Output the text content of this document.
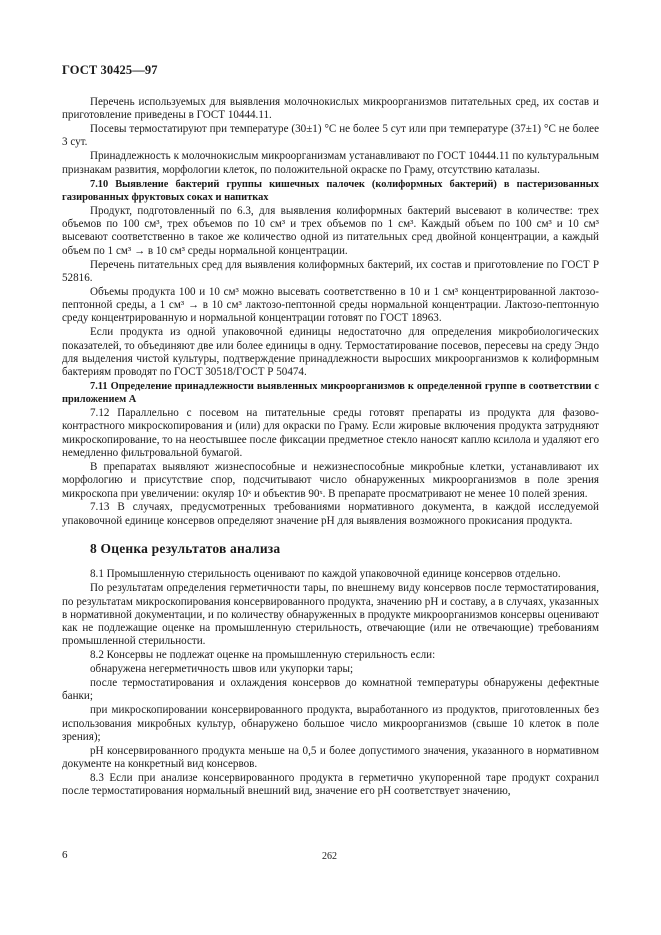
ГОСТ 30425—97

Перечень используемых для выявления молочнокислых микроорганизмов питательных сред, их состав и приготовление приведены в ГОСТ 10444.11.

Посевы термостатируют при температуре (30±1) °С не более 5 сут или при температуре (37±1) °С не более 3 сут.

Принадлежность к молочнокислым микроорганизмам устанавливают по ГОСТ 10444.11 по культуральным признакам развития, морфологии клеток, по положительной окраске по Граму, отсутствию каталазы.

7.10 Выявление бактерий группы кишечных палочек (колиформных бактерий) в пастеризованных газированных фруктовых соках и напитках

Продукт, подготовленный по 6.3, для выявления колиформных бактерий высевают в количестве: трех объемов по 100 см³, трех объемов по 10 см³ и трех объемов по 1 см³. Каждый объем по 100 см³ и 10 см³ высевают соответственно в такое же количество одной из питательных сред двойной концентрации, а каждый объем по 1 см³ → в 10 см³ среды нормальной концентрации.

Перечень питательных сред для выявления колиформных бактерий, их состав и приготовление по ГОСТ Р 52816.

Объемы продукта 100 и 10 см³ можно высевать соответственно в 10 и 1 см³ концентрированной лактозо-пептонной среды, а 1 см³ → в 10 см³ лактозо-пептонной среды нормальной концентрации. Лактозо-пептонную среду концентрированную и нормальной концентрации готовят по ГОСТ 18963.

Если продукта из одной упаковочной единицы недостаточно для определения микробиологических показателей, то объединяют две или более единицы в одну. Термостатирование посевов, пересевы на среду Эндо для выделения чистой культуры, подтверждение принадлежности выросших микроорганизмов к колиформным бактериям проводят по ГОСТ 30518/ГОСТ Р 50474.

7.11 Определение принадлежности выявленных микроорганизмов к определенной группе в соответствии с приложением А

7.12 Параллельно с посевом на питательные среды готовят препараты из продукта для фазово-контрастного микроскопирования и (или) для окраски по Граму. Если жировые включения продукта затрудняют микроскопирование, то на неостывшее после фиксации предметное стекло наносят каплю ксилола и удаляют его немедленно фильтровальной бумагой.

В препаратах выявляют жизнеспособные и нежизнеспособные микробные клетки, устанавливают их морфологию и присутствие спор, подсчитывают число обнаруженных микроорганизмов в поле зрения микроскопа при увеличении: окуляр 10ˣ и объектив 90ˣ. В препарате просматривают не менее 10 полей зрения.

7.13 В случаях, предусмотренных требованиями нормативного документа, в каждой исследуемой упаковочной единице консервов определяют значение рН для выявления возможного прокисания продукта.

8 Оценка результатов анализа

8.1 Промышленную стерильность оценивают по каждой упаковочной единице консервов отдельно.

По результатам определения герметичности тары, по внешнему виду консервов после термостатирования, по результатам микроскопирования консервированного продукта, значению рН и составу, а в случаях, указанных в нормативной документации, и по количеству обнаруженных в продукте микроорганизмов консервы оценивают как не подлежащие оценке на промышленную стерильность, отвечающие (или не отвечающие) требованиям промышленной стерильности.

8.2 Консервы не подлежат оценке на промышленную стерильность если:

обнаружена негерметичность швов или укупорки тары;

после термостатирования и охлаждения консервов до комнатной температуры обнаружены дефектные банки;

при микроскопировании консервированного продукта, выработанного из продуктов, приготовленных без использования микробных культур, обнаружено большое число микроорганизмов (свыше 10 клеток в поле зрения);

рН консервированного продукта меньше на 0,5 и более допустимого значения, указанного в нормативном документе на конкретный вид консервов.

8.3 Если при анализе консервированного продукта в герметично укупоренной таре продукт сохранил после термостатирования нормальный внешний вид, значение его рН соответствует значению,

6	262
